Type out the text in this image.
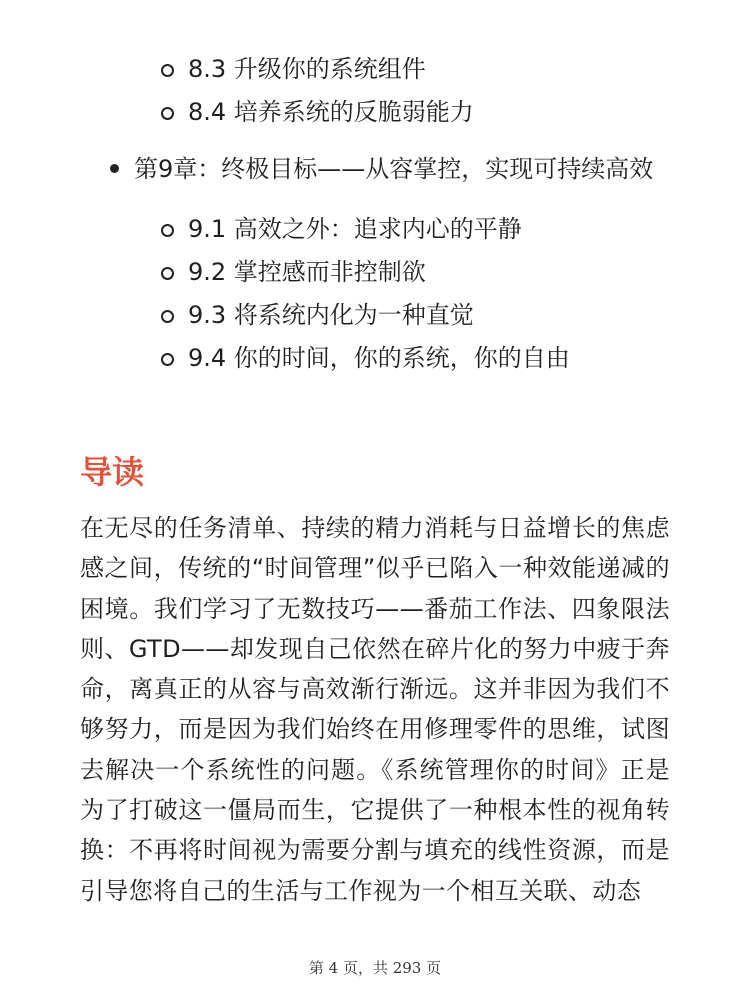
8.3 升级你的系统组件
8.4 培养系统的反脆弱能力
第9章：终极目标——从容掌控，实现可持续高效
9.1 高效之外：追求内心的平静
9.2 掌控感而非控制欲
9.3 将系统内化为一种直觉
9.4 你的时间，你的系统，你的自由
导读
在无尽的任务清单、持续的精力消耗与日益增长的焦虑感之间，传统的“时间管理”似乎已陷入一种效能递减的困境。我们学习了无数技巧——番茄工作法、四象限法则、GTD——却发现自己依然在碎片化的努力中疲于奔命，离真正的从容与高效渐行渐远。这并非因为我们不够努力，而是因为我们始终在用修理零件的思维，试图去解决一个系统性的问题。《系统管理你的时间》正是为了打破这一僵局而生，它提供了一种根本性的视角转换：不再将时间视为需要分割与填充的线性资源，而是引导您将自己的生活与工作视为一个相互关联、动态
第 4 页，共 293 页
